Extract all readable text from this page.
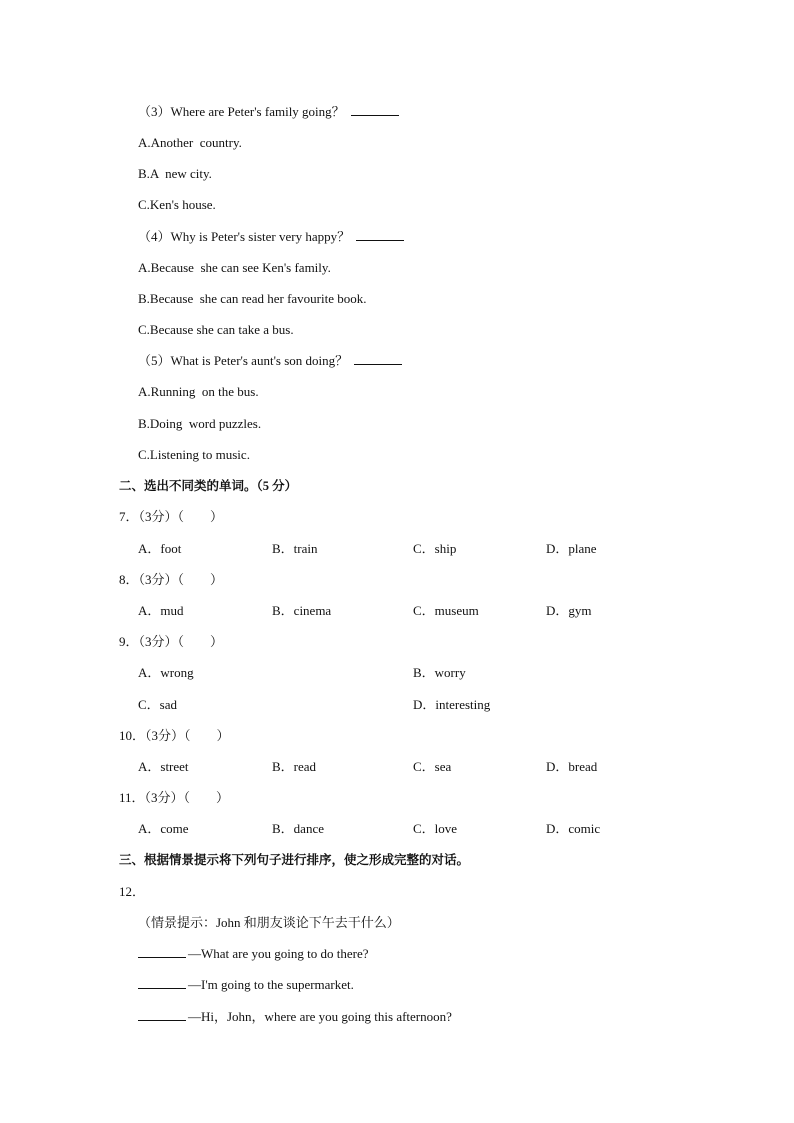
（3）Where are Peter's family going？
A.Another  country.
B.A  new city.
C.Ken's house.
（4）Why is Peter's sister very happy？
A.Because  she can see Ken's family.
B.Because  she can read her favourite book.
C.Because she can take a bus.
（5）What is Peter's aunt's son doing？
A.Running  on the bus.
B.Doing  word puzzles.
C.Listening to music.
二、选出不同类的单词。（5 分）
7．（3分）（　　）
A．foot	B．train	C．ship	D．plane
8．（3分）（　　）
A．mud	B．cinema	C．museum	D．gym
9．（3分）（　　）
A．wrong	B．worry
C．sad	D．interesting
10．（3分）（　　）
A．street	B．read	C．sea	D．bread
11．（3分）（　　）
A．come	B．dance	C．love	D．comic
三、根据情景提示将下列句子进行排序，使之形成完整的对话。
12．
（情景提示：John 和朋友谈论下午去干什么）
—What are you going to do there?
—I'm going to the supermarket.
—Hi，John，where are you going this afternoon?
